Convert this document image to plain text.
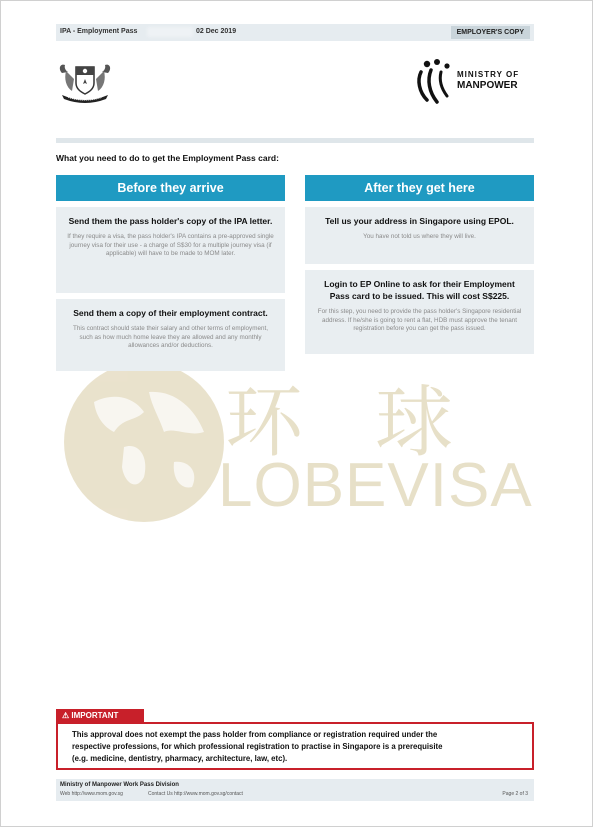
IPA - Employment Pass	02 Dec 2019	EMPLOYER'S COPY
MINISTRY OF
MANPOWER
What you need to do to get the Employment Pass card:
环球
LOBEVISA
Before they arrive
Send them the pass holder's copy of the IPA letter.
If they require a visa, the pass holder's IPA contains a pre-approved single journey visa for their use - a charge of S$30 for a multiple journey visa (if applicable) will have to be made to MOM later.
Send them a copy of their employment contract.
This contract should state their salary and other terms of employment, such as how much home leave they are allowed and any monthly allowances and/or deductions.
After they get here
Tell us your address in Singapore using EPOL.
You have not told us where they will live.
Login to EP Online to ask for their Employment Pass card to be issued. This will cost S$225.
For this step, you need to provide the pass holder's Singapore residential address. If he/she is going to rent a flat, HDB must approve the tenant registration before you can get the pass issued.
⚠ IMPORTANT
This approval does not exempt the pass holder from compliance or registration required under the
respective professions, for which professional registration to practise in Singapore is a prerequisite
(e.g. medicine, dentistry, pharmacy, architecture, law, etc).
Ministry of Manpower Work Pass Division
Web http://www.mom.gov.sg	Contact Us http://www.mom.gov.sg/contact	Page 2 of 3
